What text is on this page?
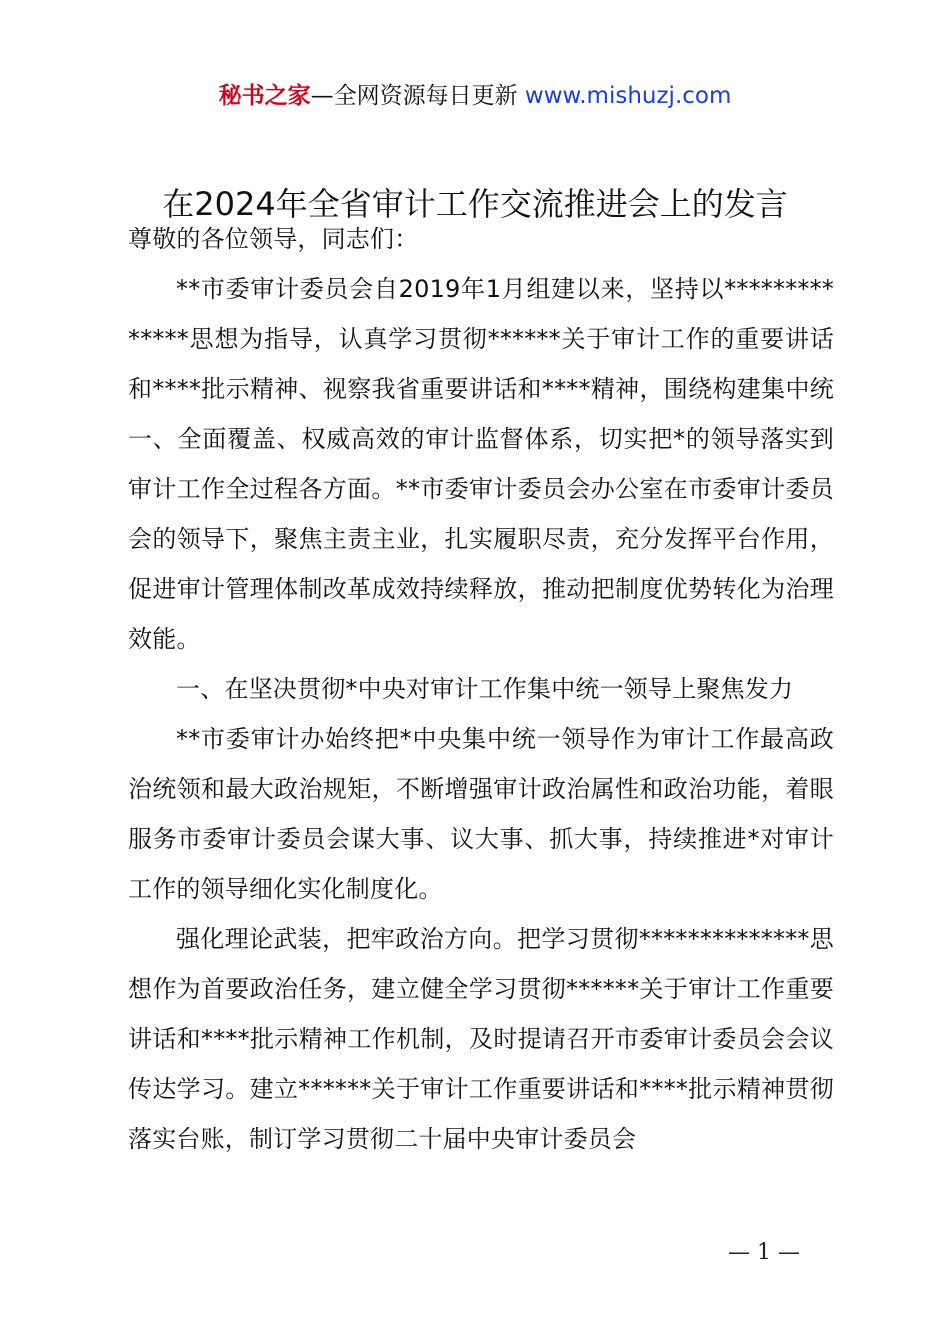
秘书之家—全网资源每日更新 www.mishuzj.com
在2024年全省审计工作交流推进会上的发言

尊敬的各位领导，同志们：

**市委审计委员会自2019年1月组建以来，坚持以**************思想为指导，认真学习贯彻******关于审计工作的重要讲话和****批示精神、视察我省重要讲话和****精神，围绕构建集中统一、全面覆盖、权威高效的审计监督体系，切实把*的领导落实到审计工作全过程各方面。**市委审计委员会办公室在市委审计委员会的领导下，聚焦主责主业，扎实履职尽责，充分发挥平台作用，促进审计管理体制改革成效持续释放，推动把制度优势转化为治理效能。

一、在坚决贯彻*中央对审计工作集中统一领导上聚焦发力

**市委审计办始终把*中央集中统一领导作为审计工作最高政治统领和最大政治规矩，不断增强审计政治属性和政治功能，着眼服务市委审计委员会谋大事、议大事、抓大事，持续推进*对审计工作的领导细化实化制度化。

强化理论武装，把牢政治方向。把学习贯彻**************思想作为首要政治任务，建立健全学习贯彻******关于审计工作重要讲话和****批示精神工作机制，及时提请召开市委审计委员会会议传达学习。建立******关于审计工作重要讲话和****批示精神贯彻落实台账，制订学习贯彻二十届中央审计委员会

— 1 —
